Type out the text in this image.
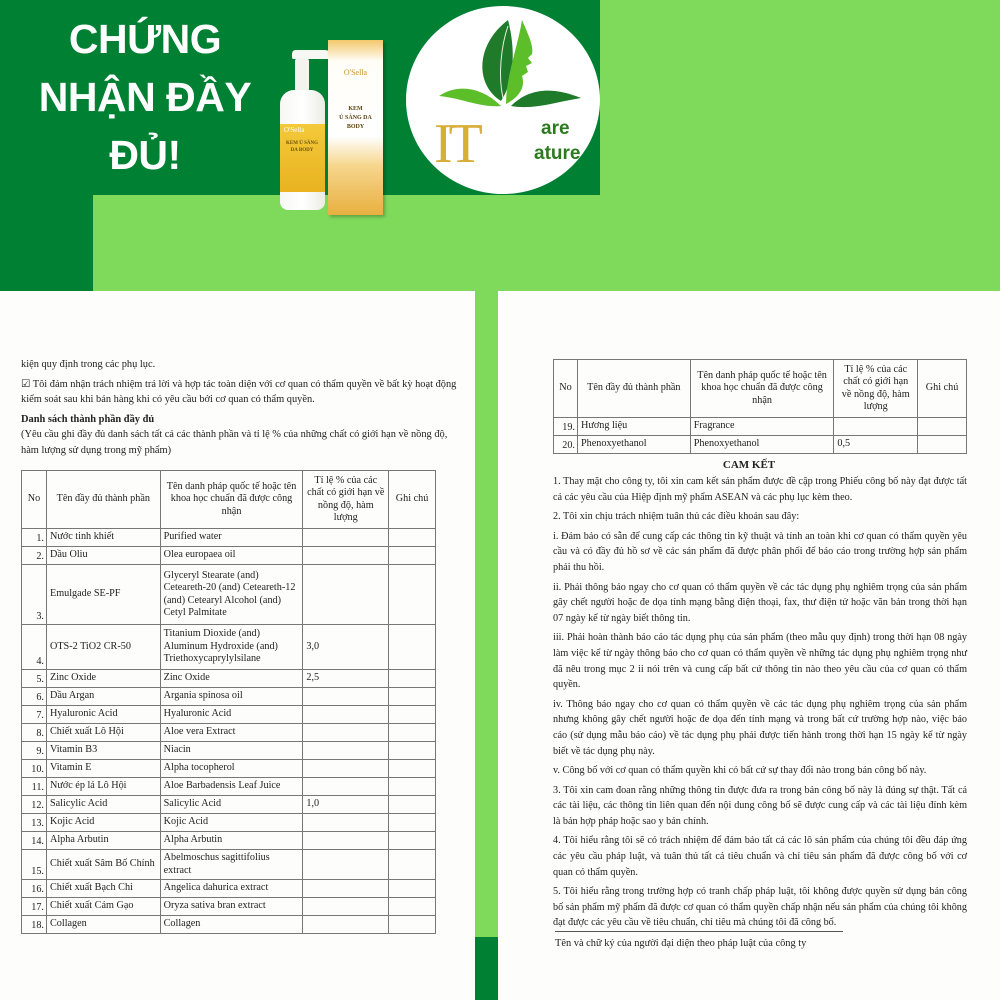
CHỨNG
NHẬN ĐẦY
ĐỦ!
O'Sella
KEM Ủ SÁNG DA BODY
O'Sella
KEM
Ủ SÁNG DA
BODY	IT	are
ature

kiện quy định trong các phụ lục.

☑ Tôi đảm nhận trách nhiệm trả lời và hợp tác toàn diện với cơ quan có thẩm quyền về bất kỳ hoạt động kiểm soát sau khi bán hàng khi có yêu cầu bởi cơ quan có thẩm quyền.

Danh sách thành phần đầy đủ
(Yêu cầu ghi đầy đủ danh sách tất cả các thành phần và tỉ lệ % của những chất có giới hạn về nồng độ, hàm lượng sử dụng trong mỹ phẩm)
No	Tên đầy đủ thành phần	Tên danh pháp quốc tế hoặc tên khoa học chuẩn đã được công nhận	Tỉ lệ % của các chất có giới hạn về nồng độ, hàm lượng	Ghi chú
1.	Nước tinh khiết	Purified water		
2.	Dầu Oliu	Olea europaea oil		
3.	Emulgade SE-PF	Glyceryl Stearate (and) Ceteareth-20 (and) Ceteareth-12 (and) Cetearyl Alcohol (and) Cetyl Palmitate		
4.	OTS-2 TiO2 CR-50	Titanium Dioxide (and) Aluminum Hydroxide (and) Triethoxycaprylylsilane	3,0	
5.	Zinc Oxide	Zinc Oxide	2,5	
6.	Dầu Argan	Argania spinosa oil		
7.	Hyaluronic Acid	Hyaluronic Acid		
8.	Chiết xuất Lô Hội	Aloe vera Extract		
9.	Vitamin B3	Niacin		
10.	Vitamin E	Alpha tocopherol		
11.	Nước ép lá Lô Hội	Aloe Barbadensis Leaf Juice		
12.	Salicylic Acid	Salicylic Acid	1,0	
13.	Kojic Acid	Kojic Acid		
14.	Alpha Arbutin	Alpha Arbutin		
15.	Chiết xuất Sâm Bố Chính	Abelmoschus sagittifolius extract		
16.	Chiết xuất Bạch Chỉ	Angelica dahurica extract		
17.	Chiết xuất Cám Gạo	Oryza sativa bran extract		
18.	Collagen	Collagen		
No	Tên đầy đủ thành phần	Tên danh pháp quốc tế hoặc tên khoa học chuẩn đã được công nhận	Tỉ lệ % của các chất có giới hạn về nồng độ, hàm lượng	Ghi chú
19.	Hương liệu	Fragrance		
20.	Phenoxyethanol	Phenoxyethanol	0,5	
CAM KẾT

1. Thay mặt cho công ty, tôi xin cam kết sản phẩm được đề cập trong Phiếu công bố này đạt được tất cả các yêu cầu của Hiệp định mỹ phẩm ASEAN và các phụ lục kèm theo.

2. Tôi xin chịu trách nhiệm tuân thủ các điều khoản sau đây:

i. Đảm bảo có sẵn để cung cấp các thông tin kỹ thuật và tính an toàn khi cơ quan có thẩm quyền yêu cầu và có đầy đủ hồ sơ về các sản phẩm đã được phân phối để báo cáo trong trường hợp sản phẩm phải thu hồi.

ii. Phải thông báo ngay cho cơ quan có thẩm quyền về các tác dụng phụ nghiêm trọng của sản phẩm gây chết người hoặc đe dọa tính mạng bằng điện thoại, fax, thư điện tử hoặc văn bản trong thời hạn 07 ngày kể từ ngày biết thông tin.

iii. Phải hoàn thành báo cáo tác dụng phụ của sản phẩm (theo mẫu quy định) trong thời hạn 08 ngày làm việc kể từ ngày thông báo cho cơ quan có thẩm quyền về những tác dụng phụ nghiêm trọng như đã nêu trong mục 2 ii nói trên và cung cấp bất cứ thông tin nào theo yêu cầu của cơ quan có thẩm quyền.

iv. Thông báo ngay cho cơ quan có thẩm quyền về các tác dụng phụ nghiêm trọng của sản phẩm nhưng không gây chết người hoặc đe dọa đến tính mạng và trong bất cứ trường hợp nào, việc báo cáo (sử dụng mẫu báo cáo) về tác dụng phụ phải được tiến hành trong thời hạn 15 ngày kể từ ngày biết về tác dụng phụ này.

v. Công bố với cơ quan có thẩm quyền khi có bất cứ sự thay đổi nào trong bản công bố này.

3. Tôi xin cam đoan rằng những thông tin được đưa ra trong bản công bố này là đúng sự thật. Tất cả các tài liệu, các thông tin liên quan đến nội dung công bố sẽ được cung cấp và các tài liệu đính kèm là bản hợp pháp hoặc sao y bản chính.

4. Tôi hiểu rằng tôi sẽ có trách nhiệm để đảm bảo tất cả các lô sản phẩm của chúng tôi đều đáp ứng các yêu cầu pháp luật, và tuân thủ tất cả tiêu chuẩn và chỉ tiêu sản phẩm đã được công bố với cơ quan có thẩm quyền.

5. Tôi hiểu rằng trong trường hợp có tranh chấp pháp luật, tôi không được quyền sử dụng bản công bố sản phẩm mỹ phẩm đã được cơ quan có thẩm quyền chấp nhận nếu sản phẩm của chúng tôi không đạt được các yêu cầu về tiêu chuẩn, chỉ tiêu mà chúng tôi đã công bố.

Tên và chữ ký của người đại diện theo pháp luật của công ty
